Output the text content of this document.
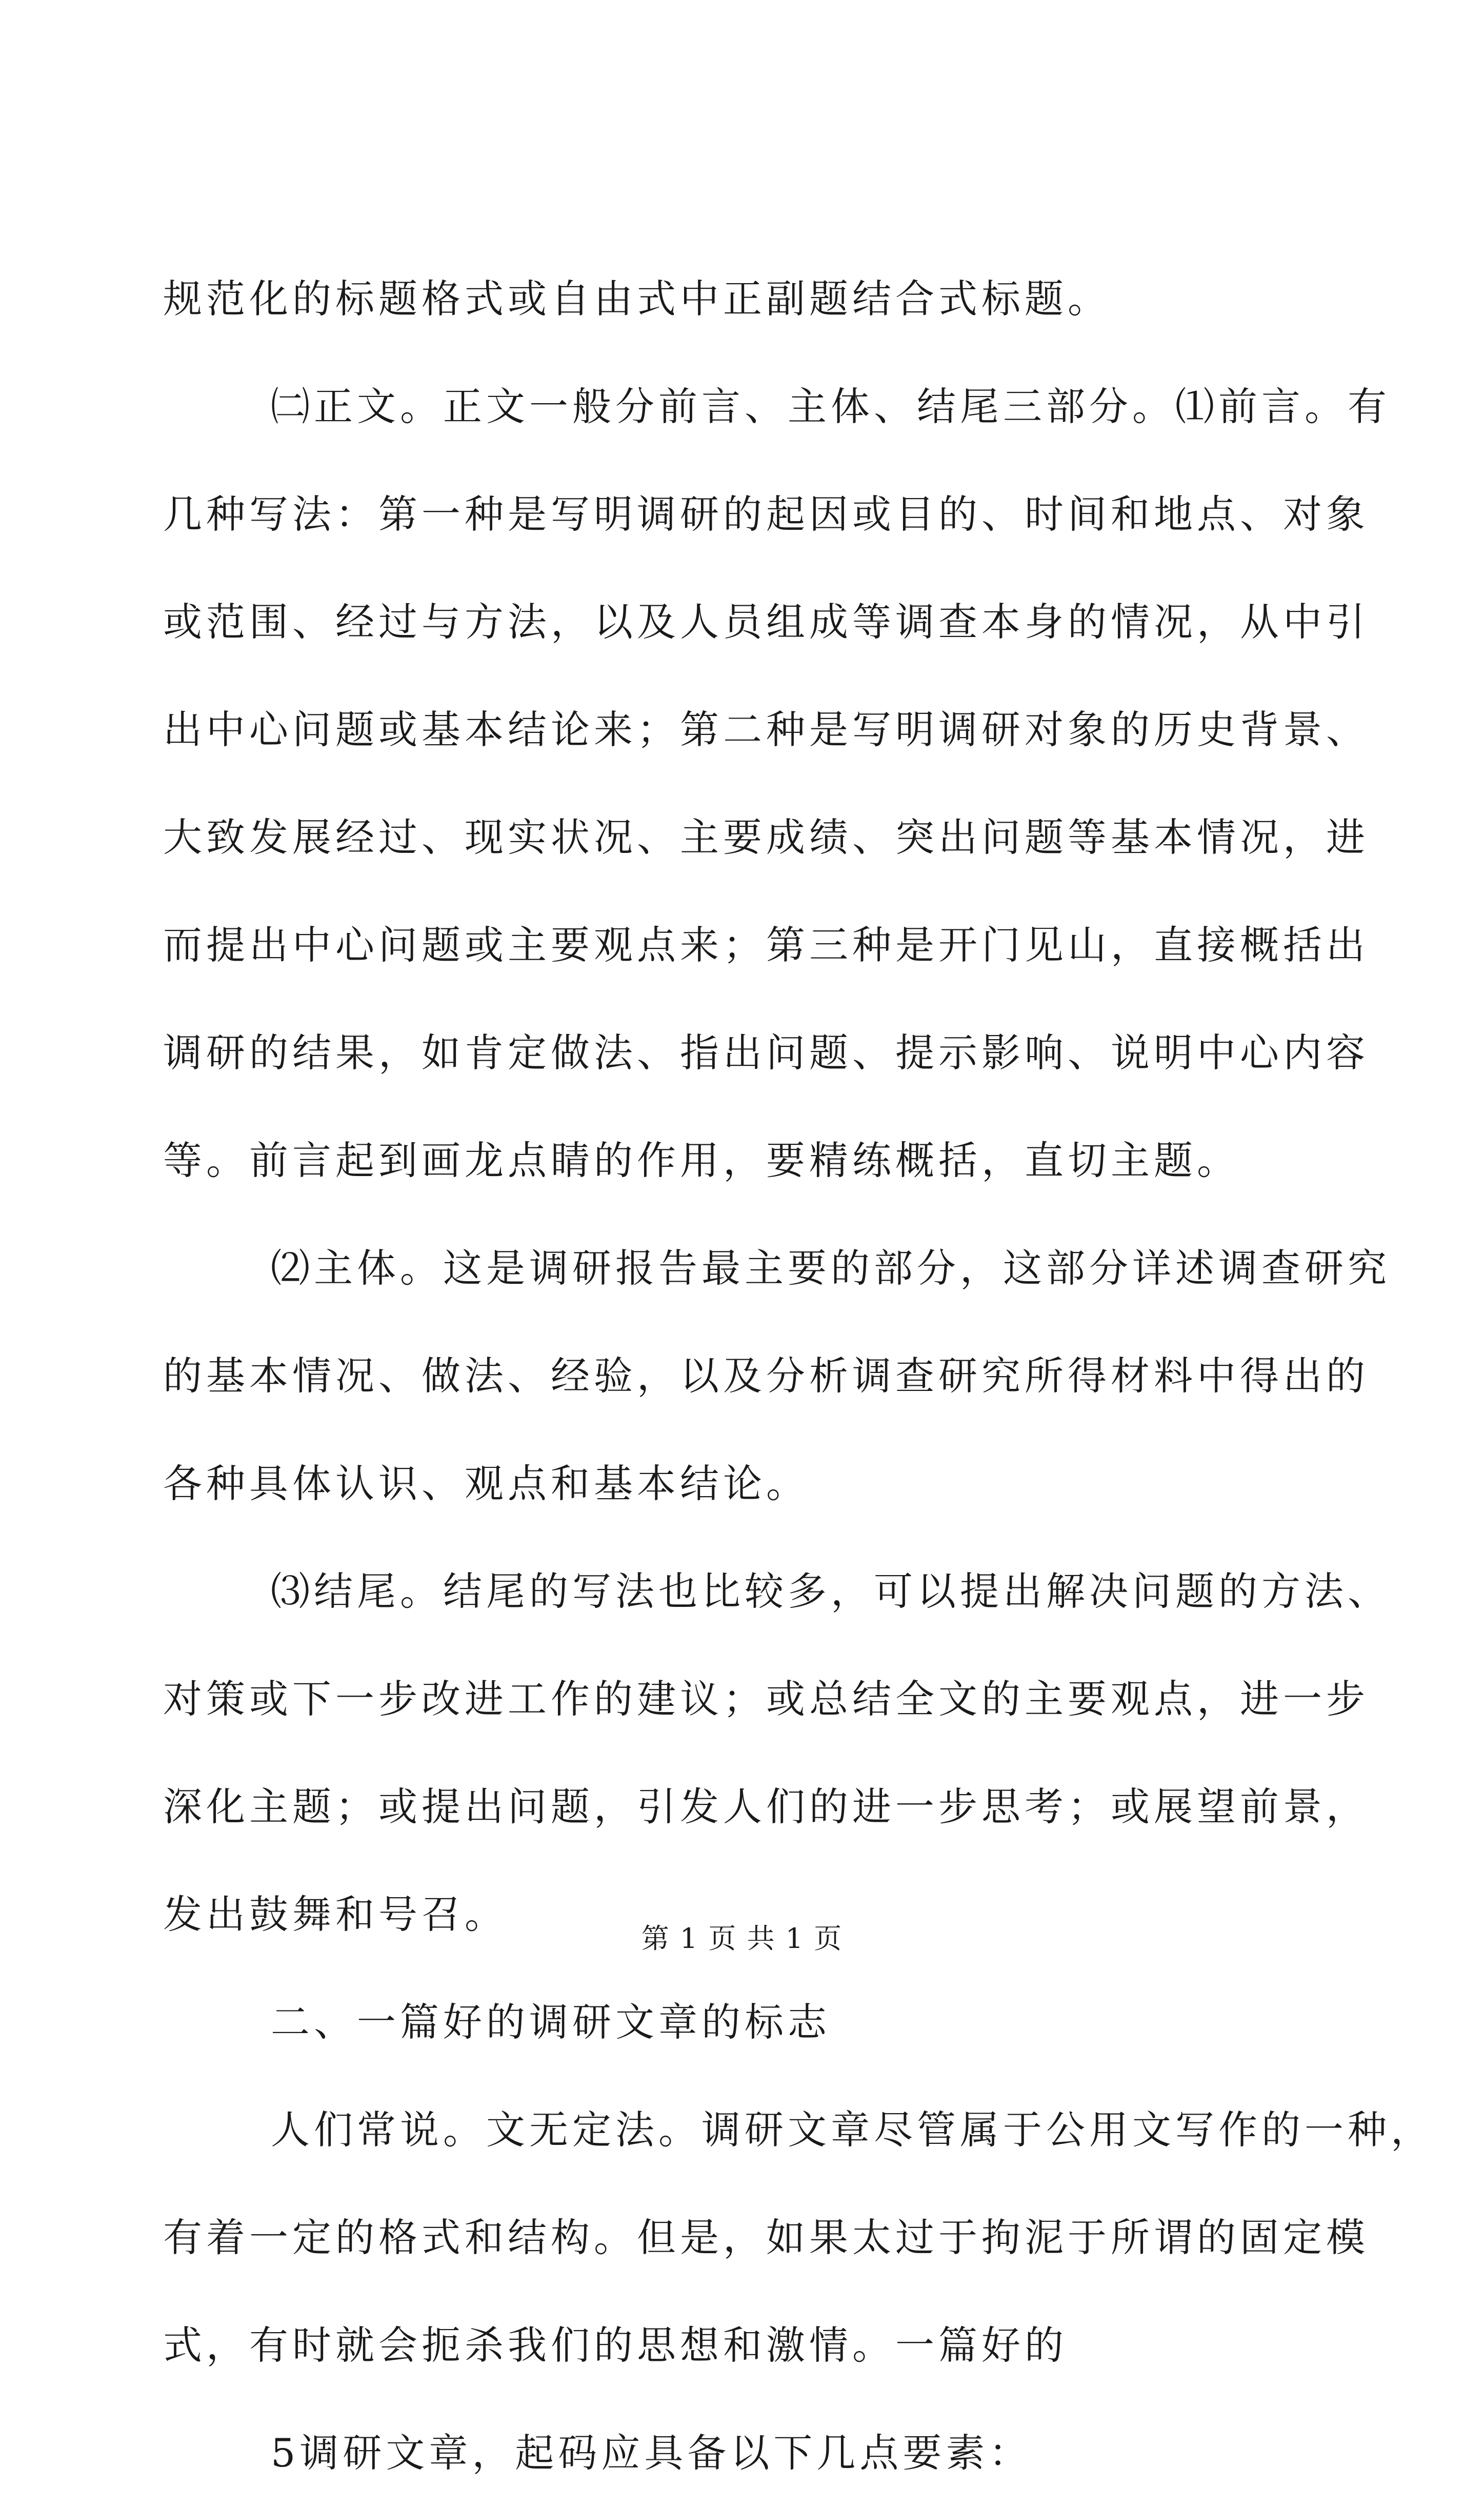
规范化的标题格式或自由式中正副题结合式标题。
㈡正文。正文一般分前言、主体、结尾三部分。⑴前言。有
几种写法：第一种是写明调研的起因或目的、时间和地点、对象
或范围、经过与方法，以及人员组成等调查本身的情况，从中引
出中心问题或基本结论来；第二种是写明调研对象的历史背景、
大致发展经过、现实状况、主要成绩、突出问题等基本情况，进
而提出中心问题或主要观点来；第三种是开门见山，直接概括出
调研的结果，如肯定做法、指出问题、提示影响、说明中心内容
等。前言起到画龙点睛的作用，要精练概括，直切主题。
⑵主体。这是调研报告最主要的部分，这部分详述调查研究
的基本情况、做法、经验，以及分析调查研究所得材料中得出的
各种具体认识、观点和基本结论。
⑶结尾。结尾的写法也比较多，可以提出解决问题的方法、
对策或下一步改进工作的建议；或总结全文的主要观点，进一步
深化主题；或提出问题，引发人们的进一步思考；或展望前景，
发出鼓舞和号召。
二、一篇好的调研文章的标志
人们常说。文无定法。调研文章尽管属于公用文写作的一种，
有着一定的格式和结构。但是，如果太过于拘泥于所谓的固定模
式，有时就会扼杀我们的思想和激情。一篇好的
5调研文章，起码应具备以下几点要素：
第 1 页 共 1 页
